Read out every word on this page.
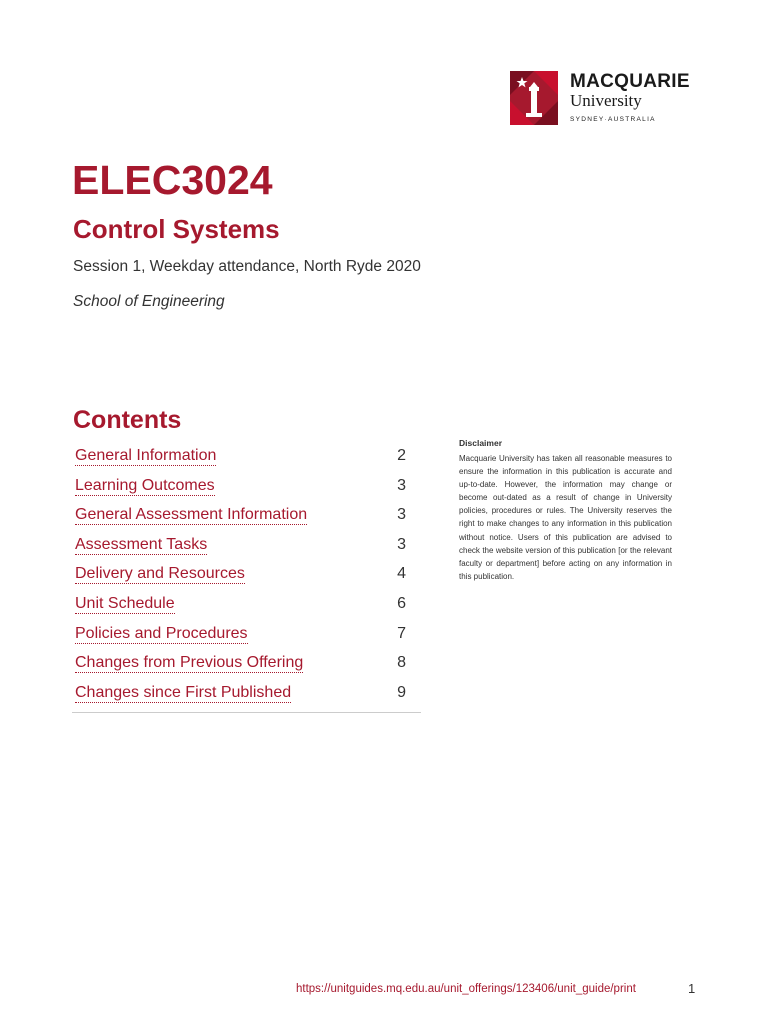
MACQUARIE
University
SYDNEY·AUSTRALIA
ELEC3024
Control Systems
Session 1, Weekday attendance, North Ryde 2020
School of Engineering
Contents
General Information	2
Learning Outcomes	3
General Assessment Information	3
Assessment Tasks	3
Delivery and Resources	4
Unit Schedule	6
Policies and Procedures	7
Changes from Previous Offering	8
Changes since First Published	9
Disclaimer
Macquarie University has taken all reasonable measures to ensure the information in this publication is accurate and up-to-date. However, the information may change or become out-dated as a result of change in University policies, procedures or rules. The University reserves the right to make changes to any information in this publication without notice. Users of this publication are advised to check the website version of this publication [or the relevant faculty or department] before acting on any information in this publication.
https://unitguides.mq.edu.au/unit_offerings/123406/unit_guide/print	1
